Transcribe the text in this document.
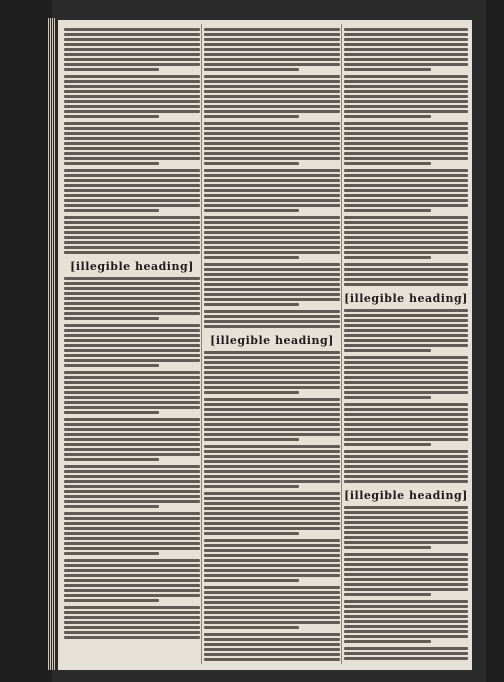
[illegible heading]
[illegible heading]
[illegible heading]
[illegible heading]
